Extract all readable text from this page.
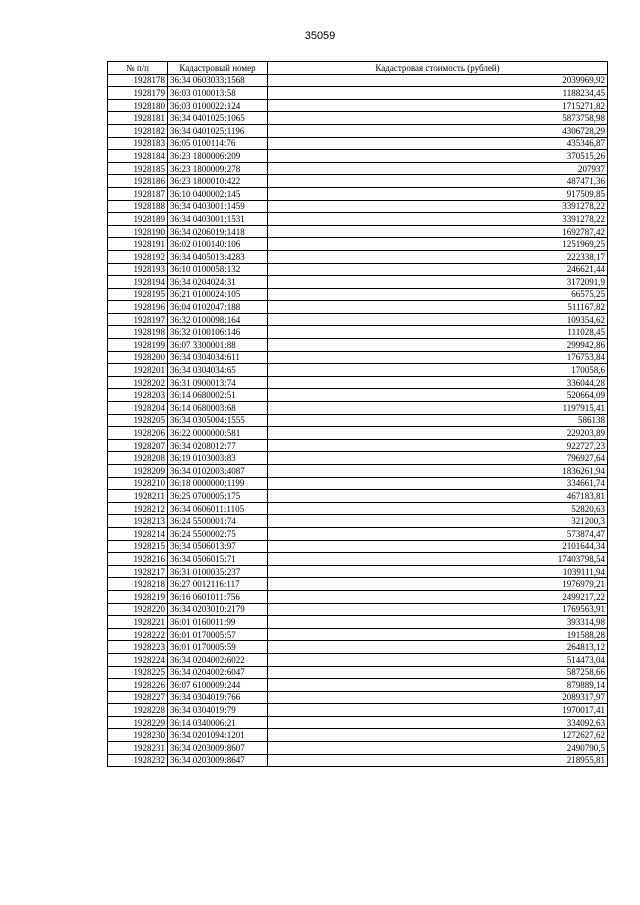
35059
№ п/п	Кадастровый номер	Кадастровая стоимость (рублей)
1928178	36:34 0603033:1568	2039969,92
1928179	36:03 0100013:58	1188234,45
1928180	36:03 0100022:124	1715271,82
1928181	36:34 0401025:1065	5873758,98
1928182	36:34 0401025:1196	4306728,29
1928183	36:05 0100114:76	435346,87
1928184	36:23 1800006:209	370515,26
1928185	36:23 1800009:278	207937
1928186	36:23 1800010:422	487471,36
1928187	36:10 0400002:145	917509,85
1928188	36:34 0403001:1459	3391278,22
1928189	36:34 0403001:1531	3391278,22
1928190	36:34 0206019:1418	1692787,42
1928191	36:02 0100140:106	1251969,25
1928192	36:34 0405013:4283	222338,17
1928193	36:10 0100058:132	246621,44
1928194	36:34 0204024:31	3172091,9
1928195	36:21 0100024:105	66575,25
1928196	36:04 0102047:188	511167,82
1928197	36:32 0100098:164	109354,62
1928198	36:32 0100106:146	111028,45
1928199	36:07 3300001:88	299942,86
1928200	36:34 0304034:611	176753,84
1928201	36:34 0304034:65	170058,6
1928202	36:31 0900013:74	336044,28
1928203	36:14 0680002:51	520664,09
1928204	36:14 0680003:68	1197915,41
1928205	36:34 0305004:1555	586138
1928206	36:22 0000000:581	229203,89
1928207	36:34 0208012:77	922727,23
1928208	36:19 0103003:83	796927,64
1928209	36:34 0102003:4087	1836261,94
1928210	36:18 0000000:1199	334661,74
1928211	36:25 0700005:175	467183,81
1928212	36:34 0606011:1105	52820,63
1928213	36:24 5500001:74	321200,3
1928214	36:24 5500002:75	573874,47
1928215	36:34 0506013:97	2101644,34
1928216	36:34 0506015:71	17403798,54
1928217	36:31 0100035:237	1039111,94
1928218	36:27 0012116:117	1976979,21
1928219	36:16 0601011:756	2499217,22
1928220	36:34 0203010:2179	1769563,91
1928221	36:01 0160011:99	393314,98
1928222	36:01 0170005:57	191588,28
1928223	36:01 0170005:59	264813,12
1928224	36:34 0204002:6022	514473,04
1928225	36:34 0204002:6047	587258,66
1928226	36:07 6100009:244	879889,14
1928227	36:34 0304019:766	2089317,97
1928228	36:34 0304019:79	1970017,41
1928229	36:14 0340006:21	334092,63
1928230	36:34 0201094:1201	1272627,62
1928231	36:34 0203009:8607	2490790,5
1928232	36:34 0203009:8647	218955,81
